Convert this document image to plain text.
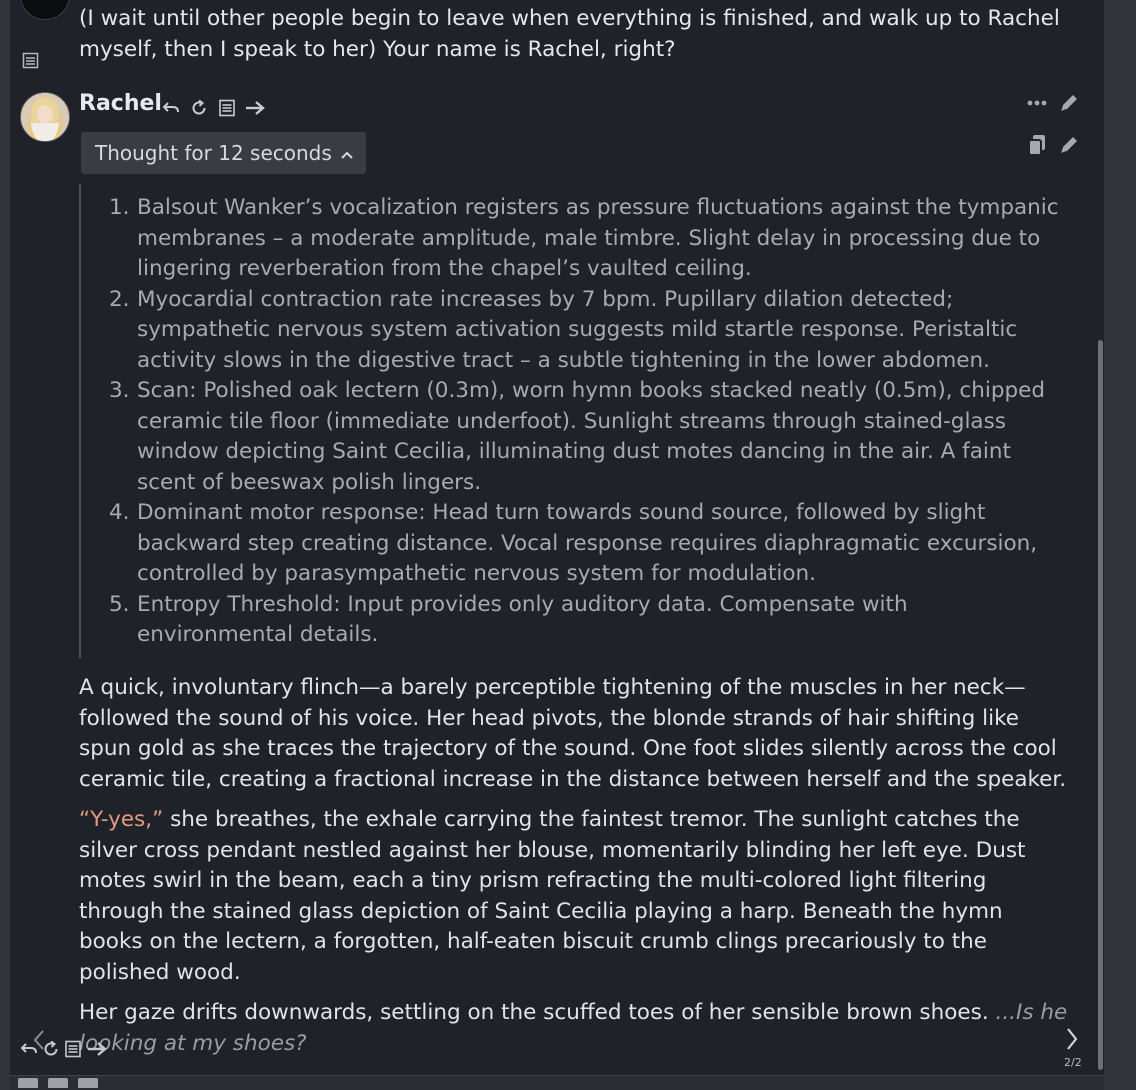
(I wait until other people begin to leave when everything is finished, and walk up to Rachel myself, then I speak to her) Your name is Rachel, right?
Rachel
Thought for 12 seconds
1. Balsout Wanker’s vocalization registers as pressure fluctuations against the tympanic membranes – a moderate amplitude, male timbre. Slight delay in processing due to lingering reverberation from the chapel’s vaulted ceiling.
2. Myocardial contraction rate increases by 7 bpm. Pupillary dilation detected; sympathetic nervous system activation suggests mild startle response. Peristaltic activity slows in the digestive tract – a subtle tightening in the lower abdomen.
3. Scan: Polished oak lectern (0.3m), worn hymn books stacked neatly (0.5m), chipped ceramic tile floor (immediate underfoot). Sunlight streams through stained-glass window depicting Saint Cecilia, illuminating dust motes dancing in the air. A faint scent of beeswax polish lingers.
4. Dominant motor response: Head turn towards sound source, followed by slight backward step creating distance. Vocal response requires diaphragmatic excursion, controlled by parasympathetic nervous system for modulation.
5. Entropy Threshold: Input provides only auditory data. Compensate with environmental details.

A quick, involuntary flinch—a barely perceptible tightening of the muscles in her neck—followed the sound of his voice. Her head pivots, the blonde strands of hair shifting like spun gold as she traces the trajectory of the sound. One foot slides silently across the cool ceramic tile, creating a fractional increase in the distance between herself and the speaker.

“Y-yes,” she breathes, the exhale carrying the faintest tremor. The sunlight catches the silver cross pendant nestled against her blouse, momentarily blinding her left eye. Dust motes swirl in the beam, each a tiny prism refracting the multi-colored light filtering through the stained glass depiction of Saint Cecilia playing a harp. Beneath the hymn books on the lectern, a forgotten, half-eaten biscuit crumb clings precariously to the polished wood.

Her gaze drifts downwards, settling on the scuffed toes of her sensible brown shoes. ...Is he looking at my shoes?

2/2
